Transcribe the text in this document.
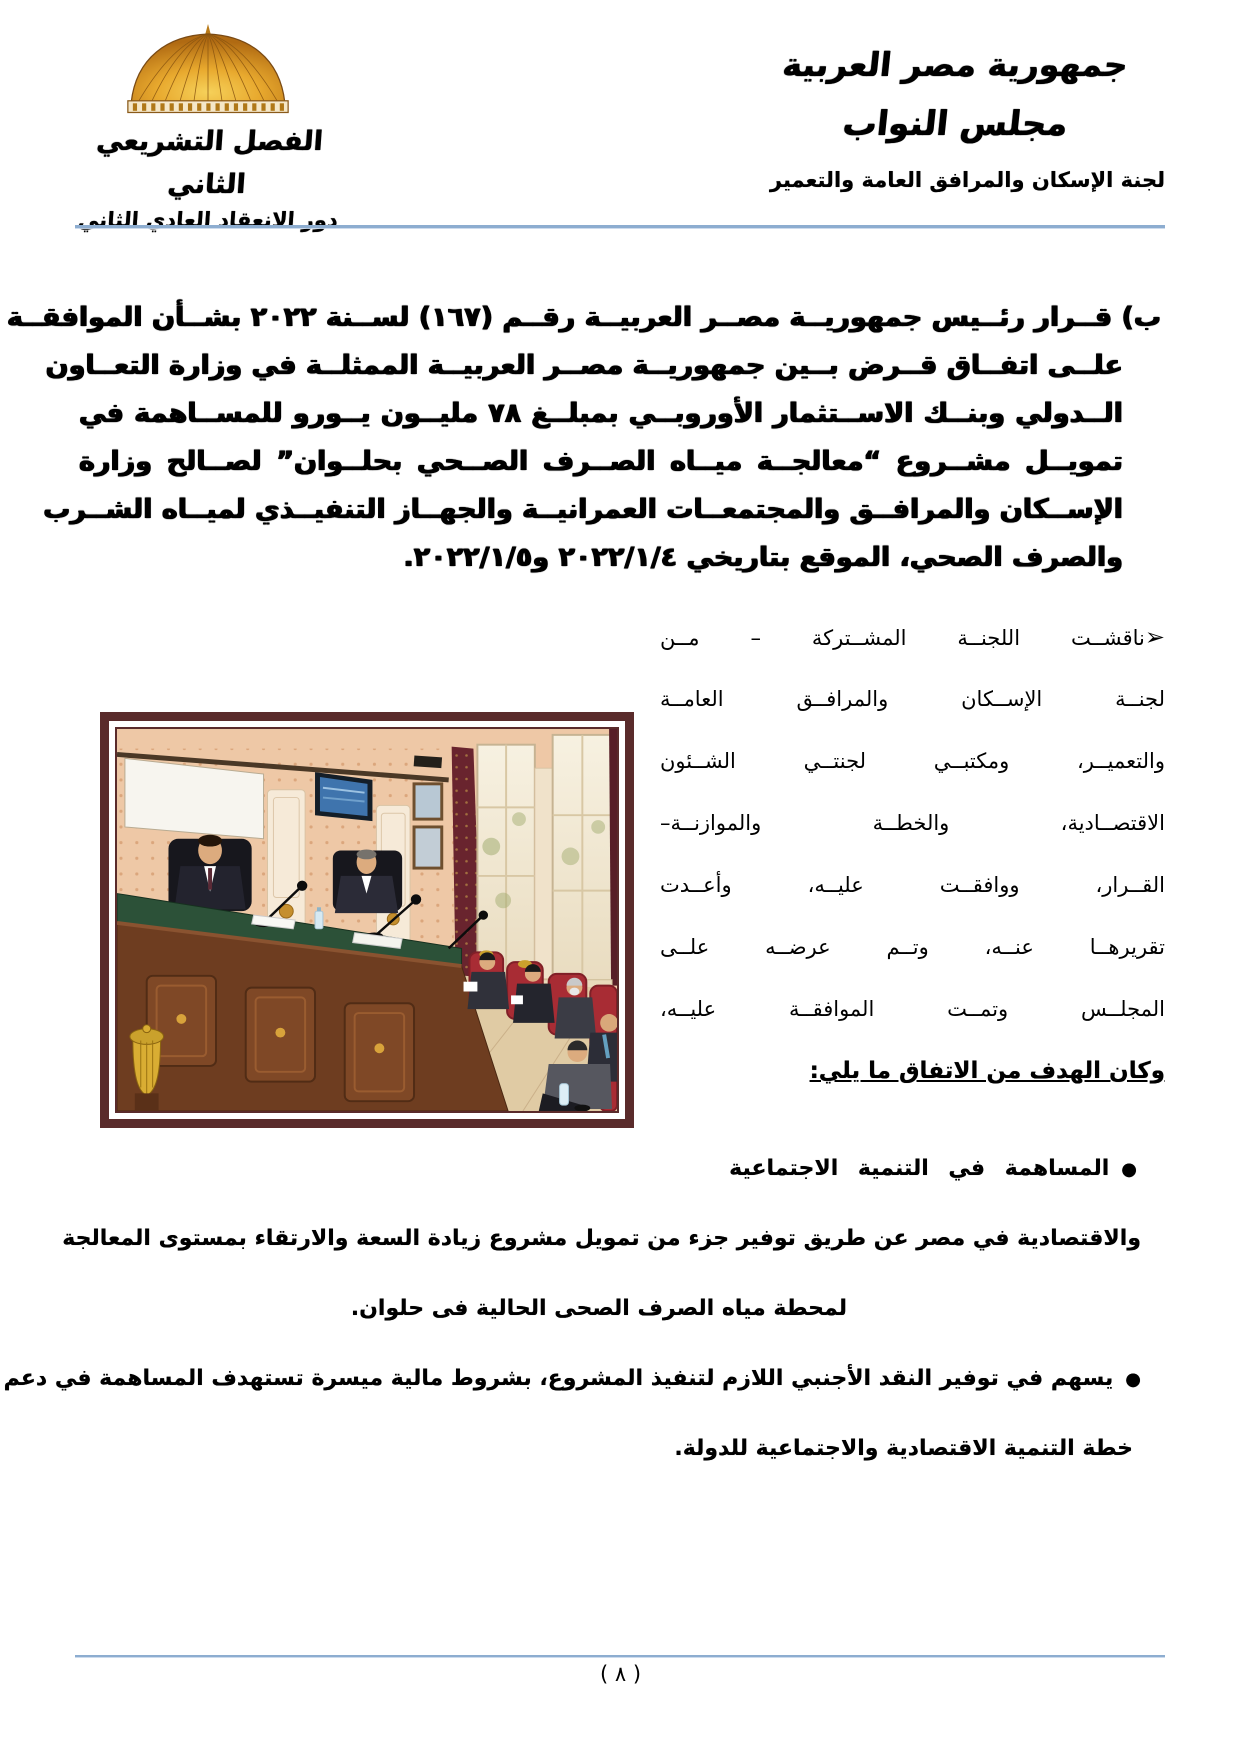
الفصل التشريعي الثاني
دور الانعقاد العادي الثاني
جمهورية مصر العربية
مجلس النواب
لجنة الإسكان والمرافق العامة والتعمير
ب) قــرار رئــيس جمهوريــة مصــر العربيــة رقــم (١٦٧) لســنة ٢٠٢٢ بشــأن الموافقــة
علــى اتفــاق قــرض بــين جمهوريــة مصــر العربيــة الممثلــة في وزارة التعــاون
الــدولي وبنــك الاســتثمار الأوروبــي بمبلــغ ٧٨ مليــون يــورو للمســاهمة في
تمويــل مشــروع “معالجــة ميــاه الصــرف الصــحي بحلــوان” لصــالح وزارة
الإســكان والمرافــق والمجتمعــات العمرانيــة والجهــاز التنفيــذي لميــاه الشــرب
والصرف الصحي، الموقع بتاريخي ٢٠٢٢/١/٤ و٢٠٢٢/١/٥.
➢ناقشــت اللجنــة المشــتركة – مــن
لجنــة الإســكان والمرافــق العامــة
والتعميــر، ومكتبــي لجنتــي الشــئون
الاقتصــادية، والخطــة والموازنــة–
القــرار، ووافقــت عليــه، وأعــدت
تقريرهــا عنــه، وتــم عرضــه علــى
المجلــس وتمــت الموافقــة عليــه،
وكان الهدف من الاتفاق ما يلي:
●المساهمة في التنمية الاجتماعية
والاقتصادية في مصر عن طريق توفير جزء من تمويل مشروع زيادة السعة والارتقاء بمستوى المعالجة
لمحطة مياه الصرف الصحى الحالية فى حلوان.
●يسهم في توفير النقد الأجنبي اللازم لتنفيذ المشروع، بشروط مالية ميسرة تستهدف المساهمة في دعم
خطة التنمية الاقتصادية والاجتماعية للدولة.
( ٨ )
